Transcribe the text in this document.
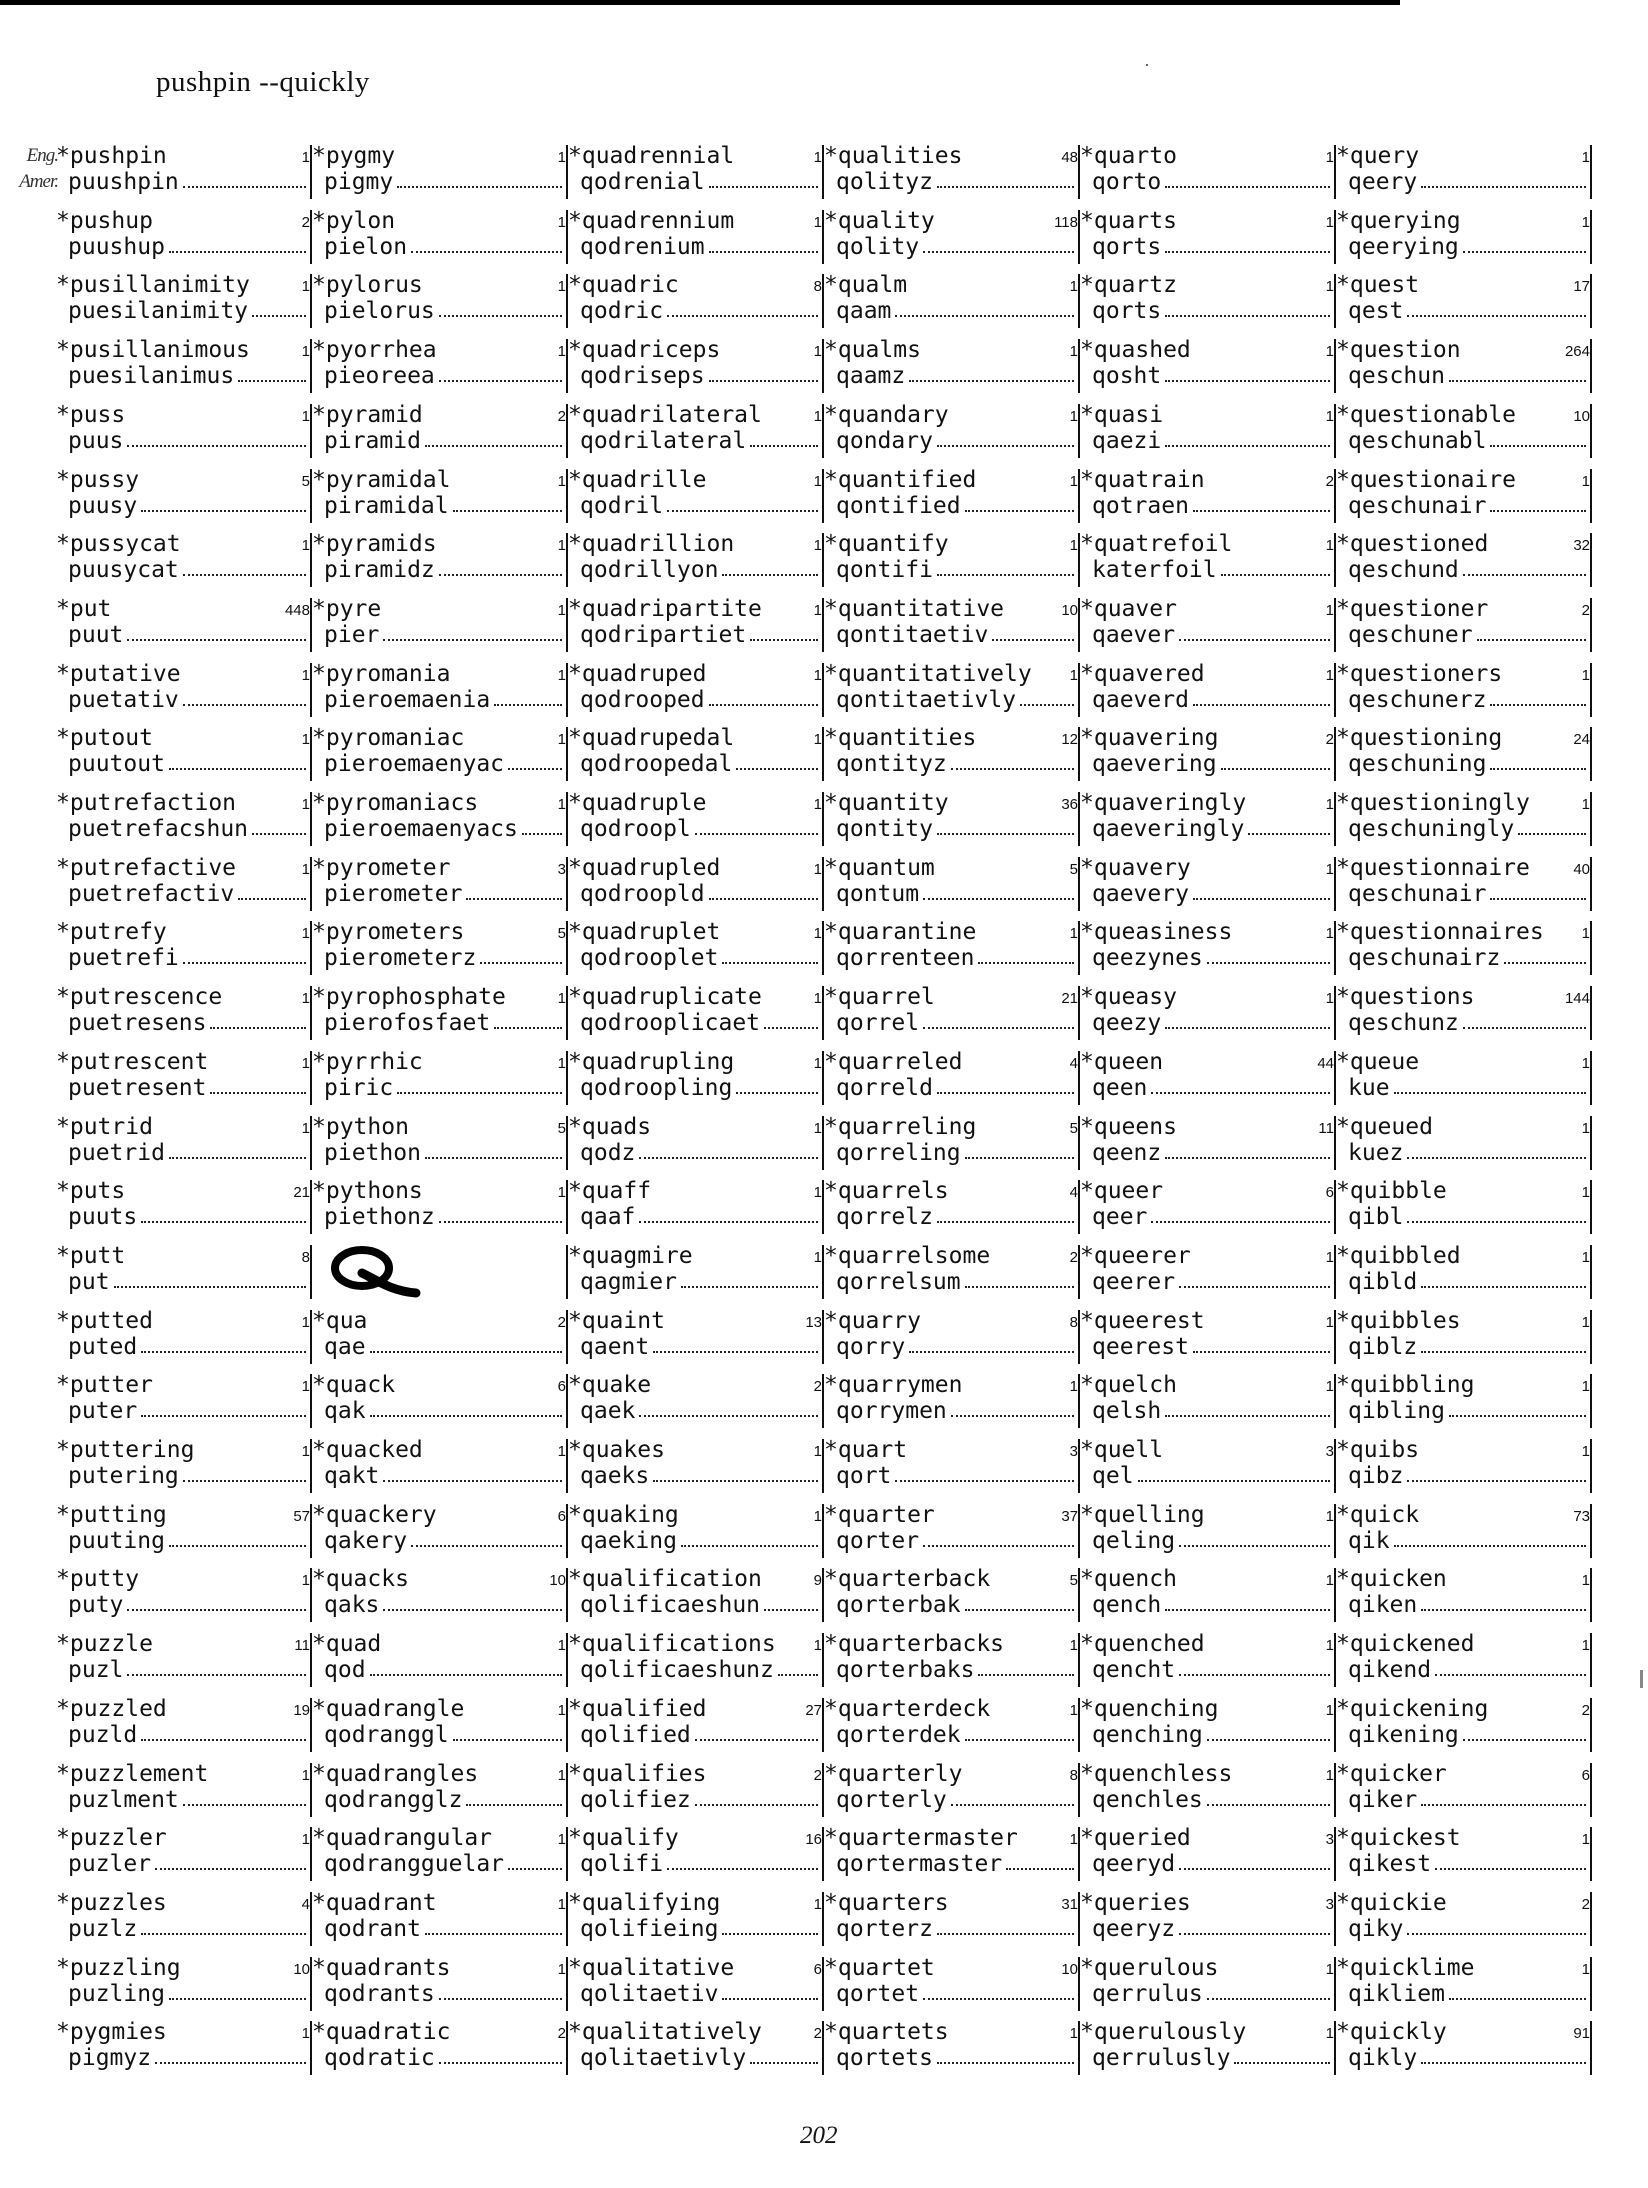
pushpin --quickly
Eng.
Amer.
*pushpin
puushpin
1
*pushup
puushup
2
*pusillanimity
puesilanimity
1
*pusillanimous
puesilanimus
1
*puss
puus
1
*pussy
puusy
5
*pussycat
puusycat
1
*put
puut
448
*putative
puetativ
1
*putout
puutout
1
*putrefaction
puetrefacshun
1
*putrefactive
puetrefactiv
1
*putrefy
puetrefi
1
*putrescence
puetresens
1
*putrescent
puetresent
1
*putrid
puetrid
1
*puts
puuts
21
*putt
put
8
*putted
puted
1
*putter
puter
1
*puttering
putering
1
*putting
puuting
57
*putty
puty
1
*puzzle
puzl
11
*puzzled
puzld
19
*puzzlement
puzlment
1
*puzzler
puzler
1
*puzzles
puzlz
4
*puzzling
puzling
10
*pygmies
pigmyz
1
*pygmy
pigmy
1
*pylon
pielon
1
*pylorus
pielorus
1
*pyorrhea
pieoreea
1
*pyramid
piramid
2
*pyramidal
piramidal
1
*pyramids
piramidz
1
*pyre
pier
1
*pyromania
pieroemaenia
1
*pyromaniac
pieroemaenyac
1
*pyromaniacs
pieroemaenyacs
1
*pyrometer
pierometer
3
*pyrometers
pierometerz
5
*pyrophosphate
pierofosfaet
1
*pyrrhic
piric
1
*python
piethon
5
*pythons
piethonz
1
*qua
qae
2
*quack
qak
6
*quacked
qakt
1
*quackery
qakery
6
*quacks
qaks
10
*quad
qod
1
*quadrangle
qodranggl
1
*quadrangles
qodrangglz
1
*quadrangular
qodrangguelar
1
*quadrant
qodrant
1
*quadrants
qodrants
1
*quadratic
qodratic
2
*quadrennial
qodrenial
1
*quadrennium
qodrenium
1
*quadric
qodric
8
*quadriceps
qodriseps
1
*quadrilateral
qodrilateral
1
*quadrille
qodril
1
*quadrillion
qodrillyon
1
*quadripartite
qodripartiet
1
*quadruped
qodrooped
1
*quadrupedal
qodroopedal
1
*quadruple
qodroopl
1
*quadrupled
qodroopld
1
*quadruplet
qodrooplet
1
*quadruplicate
qodrooplicaet
1
*quadrupling
qodroopling
1
*quads
qodz
1
*quaff
qaaf
1
*quagmire
qagmier
1
*quaint
qaent
13
*quake
qaek
2
*quakes
qaeks
1
*quaking
qaeking
1
*qualification
qolificaeshun
9
*qualifications
qolificaeshunz
1
*qualified
qolified
27
*qualifies
qolifiez
2
*qualify
qolifi
16
*qualifying
qolifieing
1
*qualitative
qolitaetiv
6
*qualitatively
qolitaetivly
2
*qualities
qolityz
48
*quality
qolity
118
*qualm
qaam
1
*qualms
qaamz
1
*quandary
qondary
1
*quantified
qontified
1
*quantify
qontifi
1
*quantitative
qontitaetiv
10
*quantitatively
qontitaetivly
1
*quantities
qontityz
12
*quantity
qontity
36
*quantum
qontum
5
*quarantine
qorrenteen
1
*quarrel
qorrel
21
*quarreled
qorreld
4
*quarreling
qorreling
5
*quarrels
qorrelz
4
*quarrelsome
qorrelsum
2
*quarry
qorry
8
*quarrymen
qorrymen
1
*quart
qort
3
*quarter
qorter
37
*quarterback
qorterbak
5
*quarterbacks
qorterbaks
1
*quarterdeck
qorterdek
1
*quarterly
qorterly
8
*quartermaster
qortermaster
1
*quarters
qorterz
31
*quartet
qortet
10
*quartets
qortets
1
*quarto
qorto
1
*quarts
qorts
1
*quartz
qorts
1
*quashed
qosht
1
*quasi
qaezi
1
*quatrain
qotraen
2
*quatrefoil
katerfoil
1
*quaver
qaever
1
*quavered
qaeverd
1
*quavering
qaevering
2
*quaveringly
qaeveringly
1
*quavery
qaevery
1
*queasiness
qeezynes
1
*queasy
qeezy
1
*queen
qeen
44
*queens
qeenz
11
*queer
qeer
6
*queerer
qeerer
1
*queerest
qeerest
1
*quelch
qelsh
1
*quell
qel
3
*quelling
qeling
1
*quench
qench
1
*quenched
qencht
1
*quenching
qenching
1
*quenchless
qenchles
1
*queried
qeeryd
3
*queries
qeeryz
3
*querulous
qerrulus
1
*querulously
qerrulusly
1
*query
qeery
1
*querying
qeerying
1
*quest
qest
17
*question
qeschun
264
*questionable
qeschunabl
10
*questionaire
qeschunair
1
*questioned
qeschund
32
*questioner
qeschuner
2
*questioners
qeschunerz
1
*questioning
qeschuning
24
*questioningly
qeschuningly
1
*questionnaire
qeschunair
40
*questionnaires
qeschunairz
1
*questions
qeschunz
144
*queue
kue
1
*queued
kuez
1
*quibble
qibl
1
*quibbled
qibld
1
*quibbles
qiblz
1
*quibbling
qibling
1
*quibs
qibz
1
*quick
qik
73
*quicken
qiken
1
*quickened
qikend
1
*quickening
qikening
2
*quicker
qiker
6
*quickest
qikest
1
*quickie
qiky
2
*quicklime
qikliem
1
*quickly
qikly
91
202
